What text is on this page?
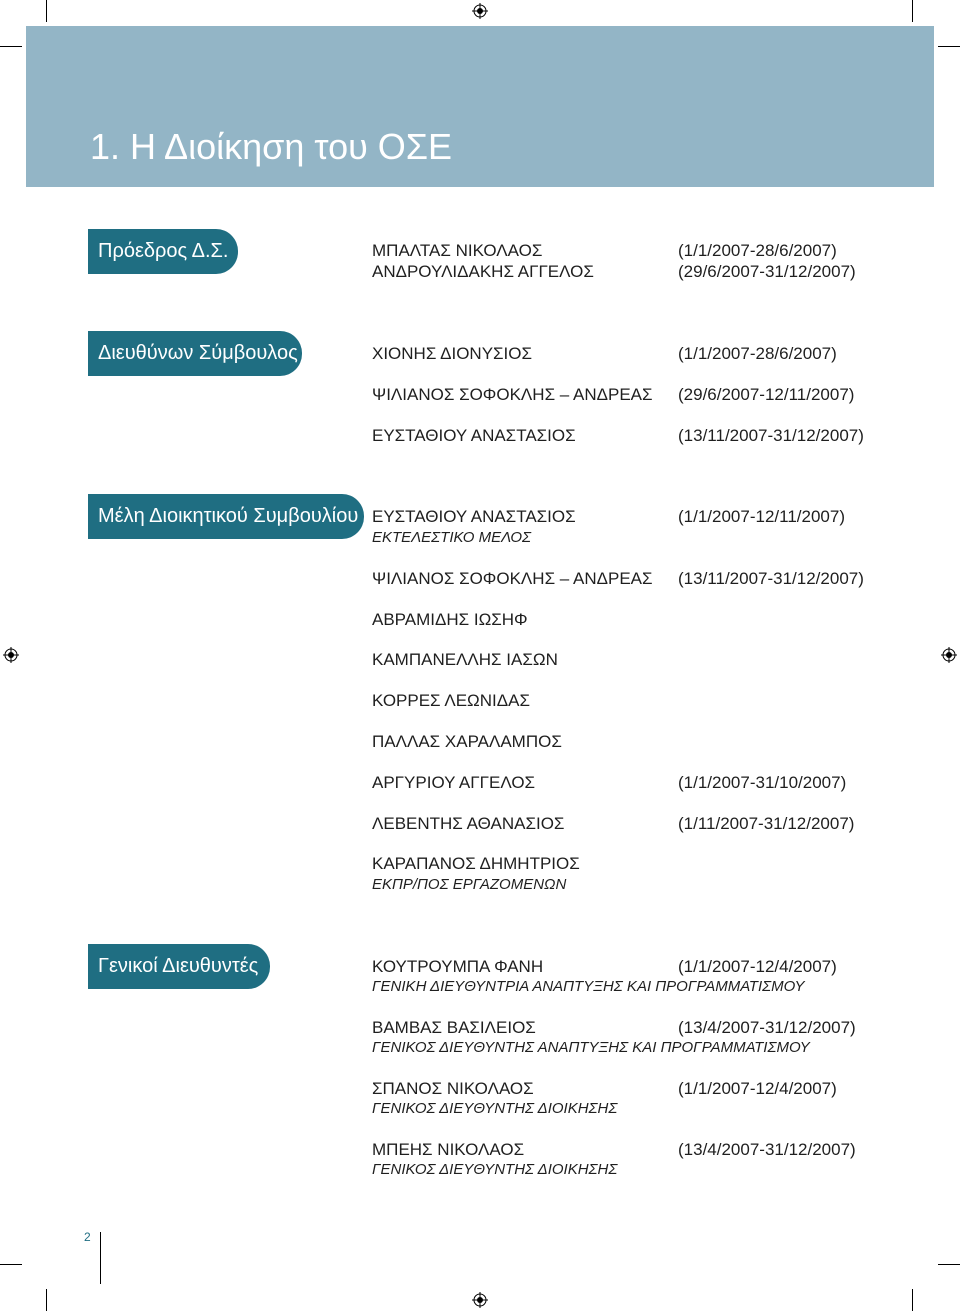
1. Η Διοίκηση του ΟΣΕ
Πρόεδρος Δ.Σ.	ΜΠΑΛΤΑΣ ΝΙΚΟΛΑΟΣ	(1/1/2007-28/6/2007)
ΑΝΔΡΟΥΛΙΔΑΚΗΣ ΑΓΓΕΛΟΣ	(29/6/2007-31/12/2007)
Διευθύνων Σύμβουλος	ΧΙΟΝΗΣ ΔΙΟΝΥΣΙΟΣ	(1/1/2007-28/6/2007)
ΨΙΛΙΑΝΟΣ ΣΟΦΟΚΛΗΣ – ΑΝΔΡΕΑΣ (29/6/2007-12/11/2007)
ΕΥΣΤΑΘΙΟΥ ΑΝΑΣΤΑΣΙΟΣ	(13/11/2007-31/12/2007)
Μέλη Διοικητικού Συμβουλίου ΕΥΣΤΑΘΙΟΥ ΑΝΑΣΤΑΣΙΟΣ	(1/1/2007-12/11/2007)
ΕΚΤΕΛΕΣΤΙΚΟ ΜΕΛΟΣ
ΨΙΛΙΑΝΟΣ ΣΟΦΟΚΛΗΣ – ΑΝΔΡΕΑΣ (13/11/2007-31/12/2007)
ΑΒΡΑΜΙΔΗΣ ΙΩΣΗΦ
ΚΑΜΠΑΝΕΛΛΗΣ ΙΑΣΩΝ
ΚΟΡΡΕΣ ΛΕΩΝΙΔΑΣ
ΠΑΛΛΑΣ ΧΑΡΑΛΑΜΠΟΣ
ΑΡΓΥΡΙΟΥ ΑΓΓΕΛΟΣ	(1/1/2007-31/10/2007)
ΛΕΒΕΝΤΗΣ ΑΘΑΝΑΣΙΟΣ	(1/11/2007-31/12/2007)
ΚΑΡΑΠΑΝΟΣ ΔΗΜΗΤΡΙΟΣ
ΕΚΠΡ/ΠΟΣ ΕΡΓΑΖΟΜΕΝΩΝ
Γενικοί Διευθυντές	ΚΟΥΤΡΟΥΜΠΑ ΦΑΝΗ	(1/1/2007-12/4/2007)
ΓΕΝΙΚΗ ΔΙΕΥΘΥΝΤΡΙΑ ΑΝΑΠΤΥΞΗΣ ΚΑΙ ΠΡΟΓΡΑΜΜΑΤΙΣΜΟΥ
ΒΑΜΒΑΣ ΒΑΣΙΛΕΙΟΣ	(13/4/2007-31/12/2007)
ΓΕΝΙΚΟΣ ΔΙΕΥΘΥΝΤΗΣ ΑΝΑΠΤΥΞΗΣ ΚΑΙ ΠΡΟΓΡΑΜΜΑΤΙΣΜΟΥ
ΣΠΑΝΟΣ ΝΙΚΟΛΑΟΣ	(1/1/2007-12/4/2007)
ΓΕΝΙΚΟΣ ΔΙΕΥΘΥΝΤΗΣ ΔΙΟΙΚΗΣΗΣ
ΜΠΕΗΣ ΝΙΚΟΛΑΟΣ	(13/4/2007-31/12/2007)
ΓΕΝΙΚΟΣ ΔΙΕΥΘΥΝΤΗΣ ΔΙΟΙΚΗΣΗΣ
2
